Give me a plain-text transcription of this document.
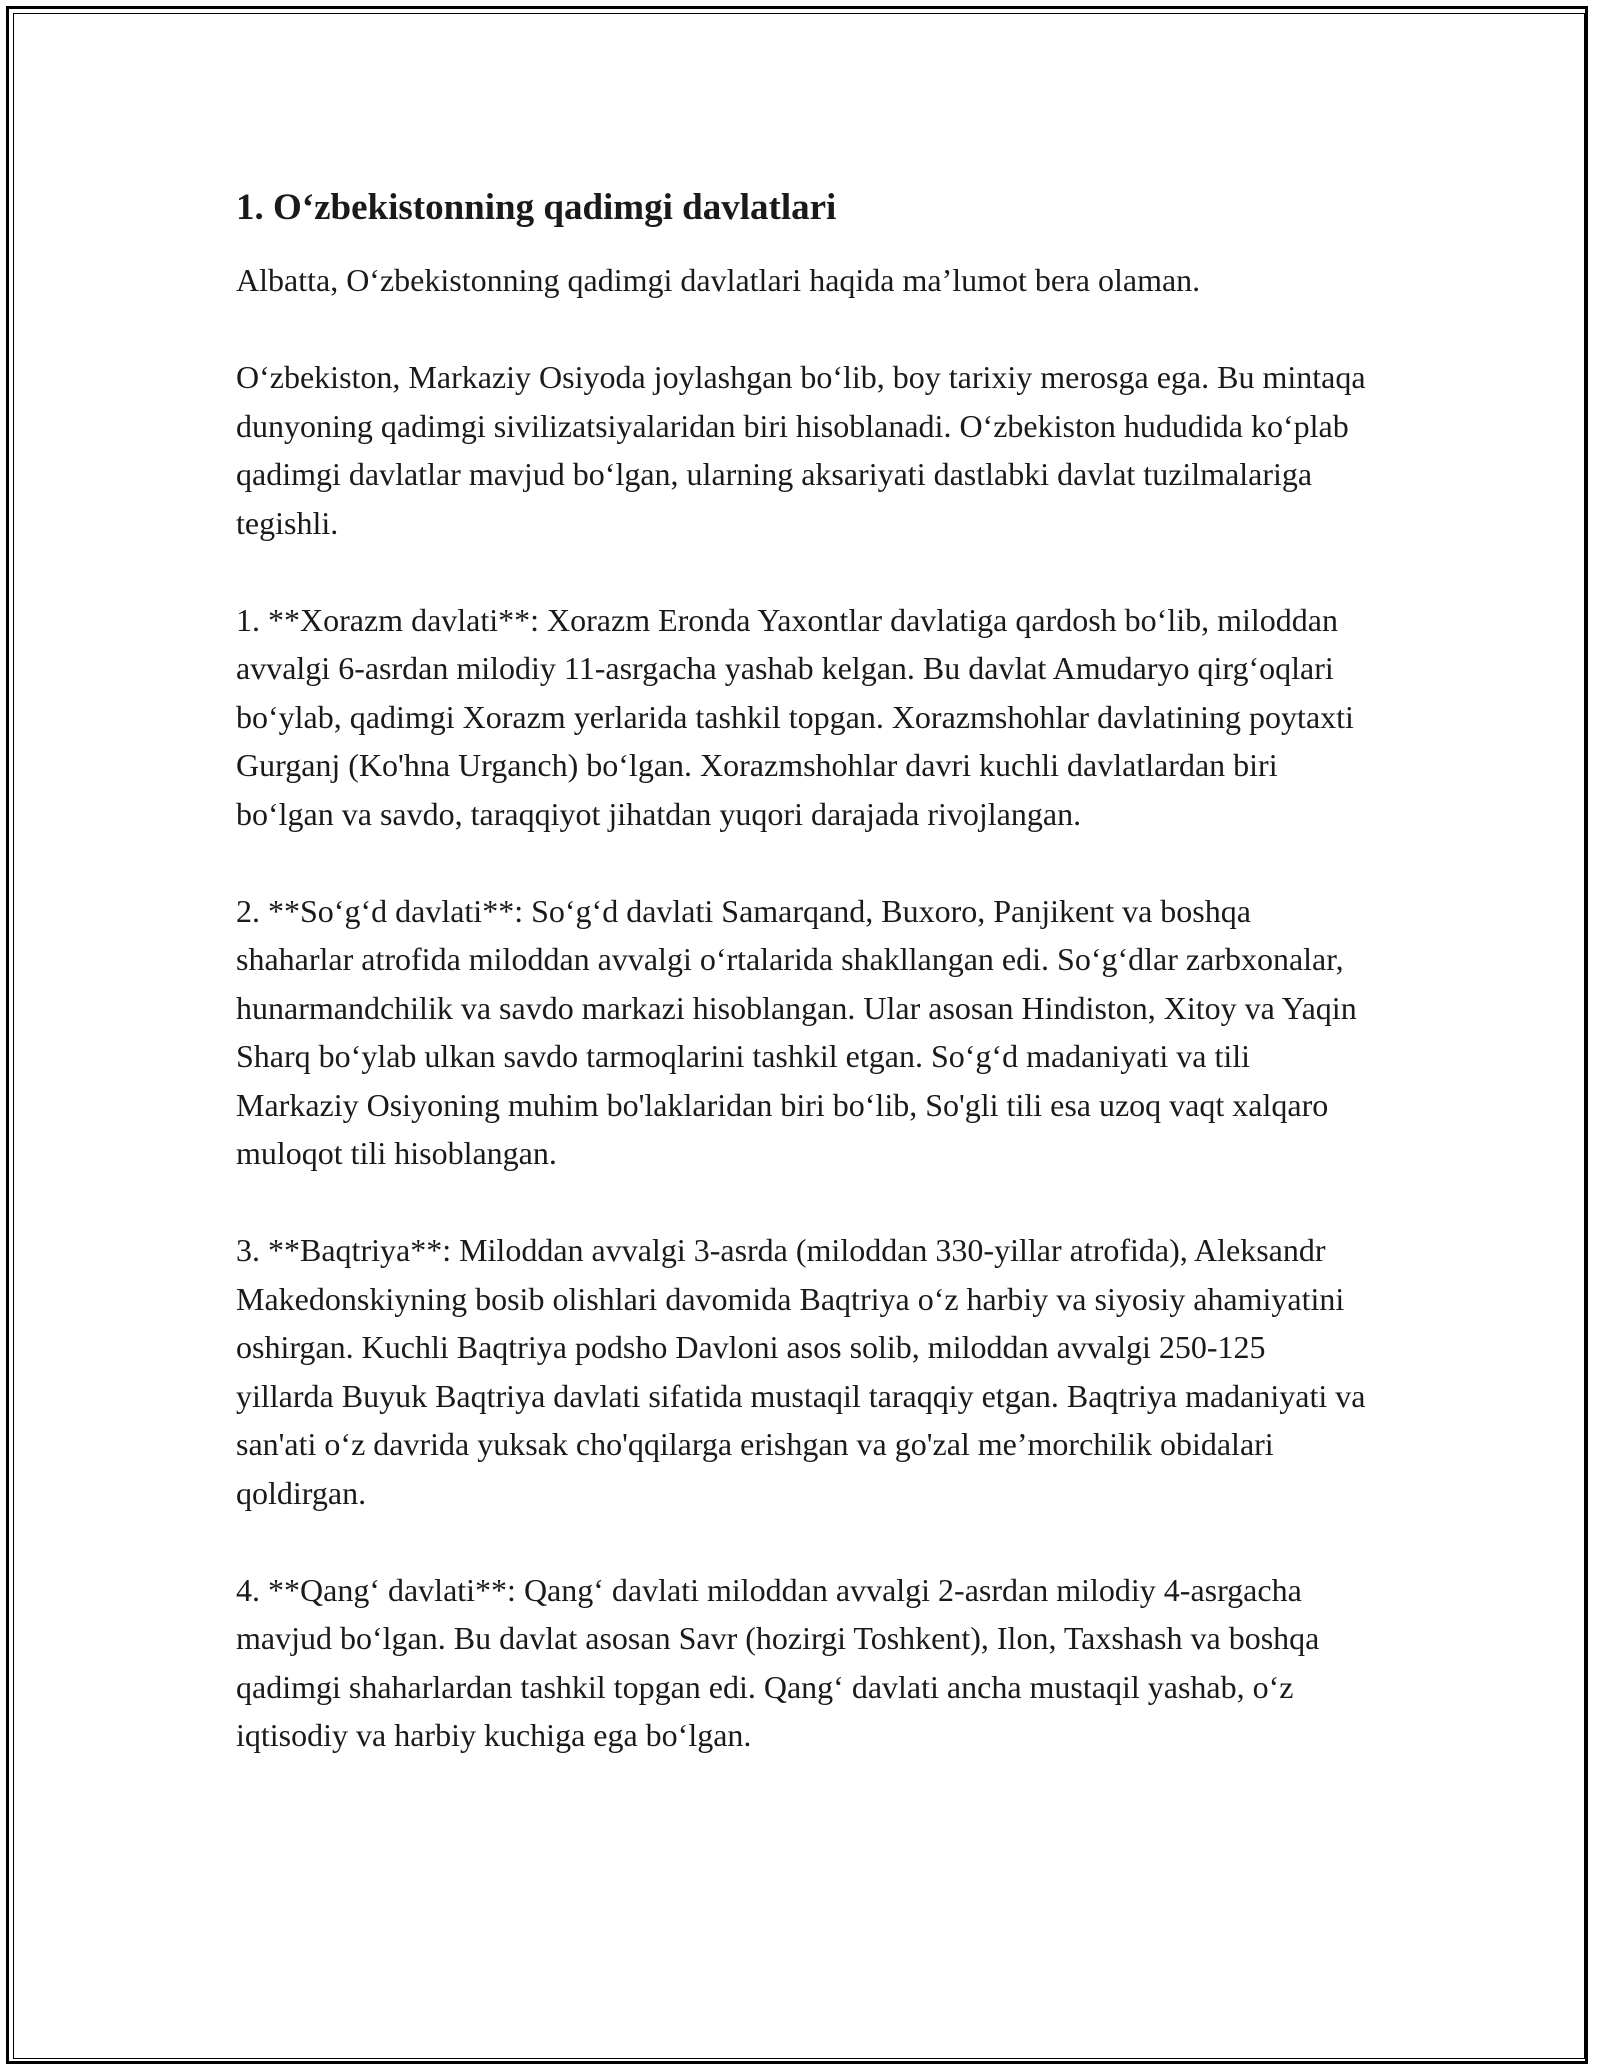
1. O‘zbekistonning qadimgi davlatlari

Albatta, O‘zbekistonning qadimgi davlatlari haqida ma’lumot bera olaman.

O‘zbekiston, Markaziy Osiyoda joylashgan bo‘lib, boy tarixiy merosga ega. Bu mintaqa dunyoning qadimgi sivilizatsiyalaridan biri hisoblanadi. O‘zbekiston hududida ko‘plab qadimgi davlatlar mavjud bo‘lgan, ularning aksariyati dastlabki davlat tuzilmalariga tegishli.

1. **Xorazm davlati**: Xorazm Eronda Yaxontlar davlatiga qardosh bo‘lib, miloddan avvalgi 6-asrdan milodiy 11-asrgacha yashab kelgan. Bu davlat Amudaryo qirg‘oqlari bo‘ylab, qadimgi Xorazm yerlarida tashkil topgan. Xorazmshohlar davlatining poytaxti Gurganj (Ko'hna Urganch) bo‘lgan. Xorazmshohlar davri kuchli davlatlardan biri bo‘lgan va savdo, taraqqiyot jihatdan yuqori darajada rivojlangan.

2. **So‘g‘d davlati**: So‘g‘d davlati Samarqand, Buxoro, Panjikent va boshqa shaharlar atrofida miloddan avvalgi o‘rtalarida shakllangan edi. So‘g‘dlar zarbxonalar, hunarmandchilik va savdo markazi hisoblangan. Ular asosan Hindiston, Xitoy va Yaqin Sharq bo‘ylab ulkan savdo tarmoqlarini tashkil etgan. So‘g‘d madaniyati va tili Markaziy Osiyoning muhim bo'laklaridan biri bo‘lib, So'gli tili esa uzoq vaqt xalqaro muloqot tili hisoblangan.

3. **Baqtriya**: Miloddan avvalgi 3-asrda (miloddan 330-yillar atrofida), Aleksandr Makedonskiyning bosib olishlari davomida Baqtriya o‘z harbiy va siyosiy ahamiyatini oshirgan. Kuchli Baqtriya podsho Davloni asos solib, miloddan avvalgi 250-125 yillarda Buyuk Baqtriya davlati sifatida mustaqil taraqqiy etgan. Baqtriya madaniyati va san'ati o‘z davrida yuksak cho'qqilarga erishgan va go'zal me’morchilik obidalari qoldirgan.

4. **Qang‘ davlati**: Qang‘ davlati miloddan avvalgi 2-asrdan milodiy 4-asrgacha mavjud bo‘lgan. Bu davlat asosan Savr (hozirgi Toshkent), Ilon, Taxshash va boshqa qadimgi shaharlardan tashkil topgan edi. Qang‘ davlati ancha mustaqil yashab, o‘z iqtisodiy va harbiy kuchiga ega bo‘lgan.
